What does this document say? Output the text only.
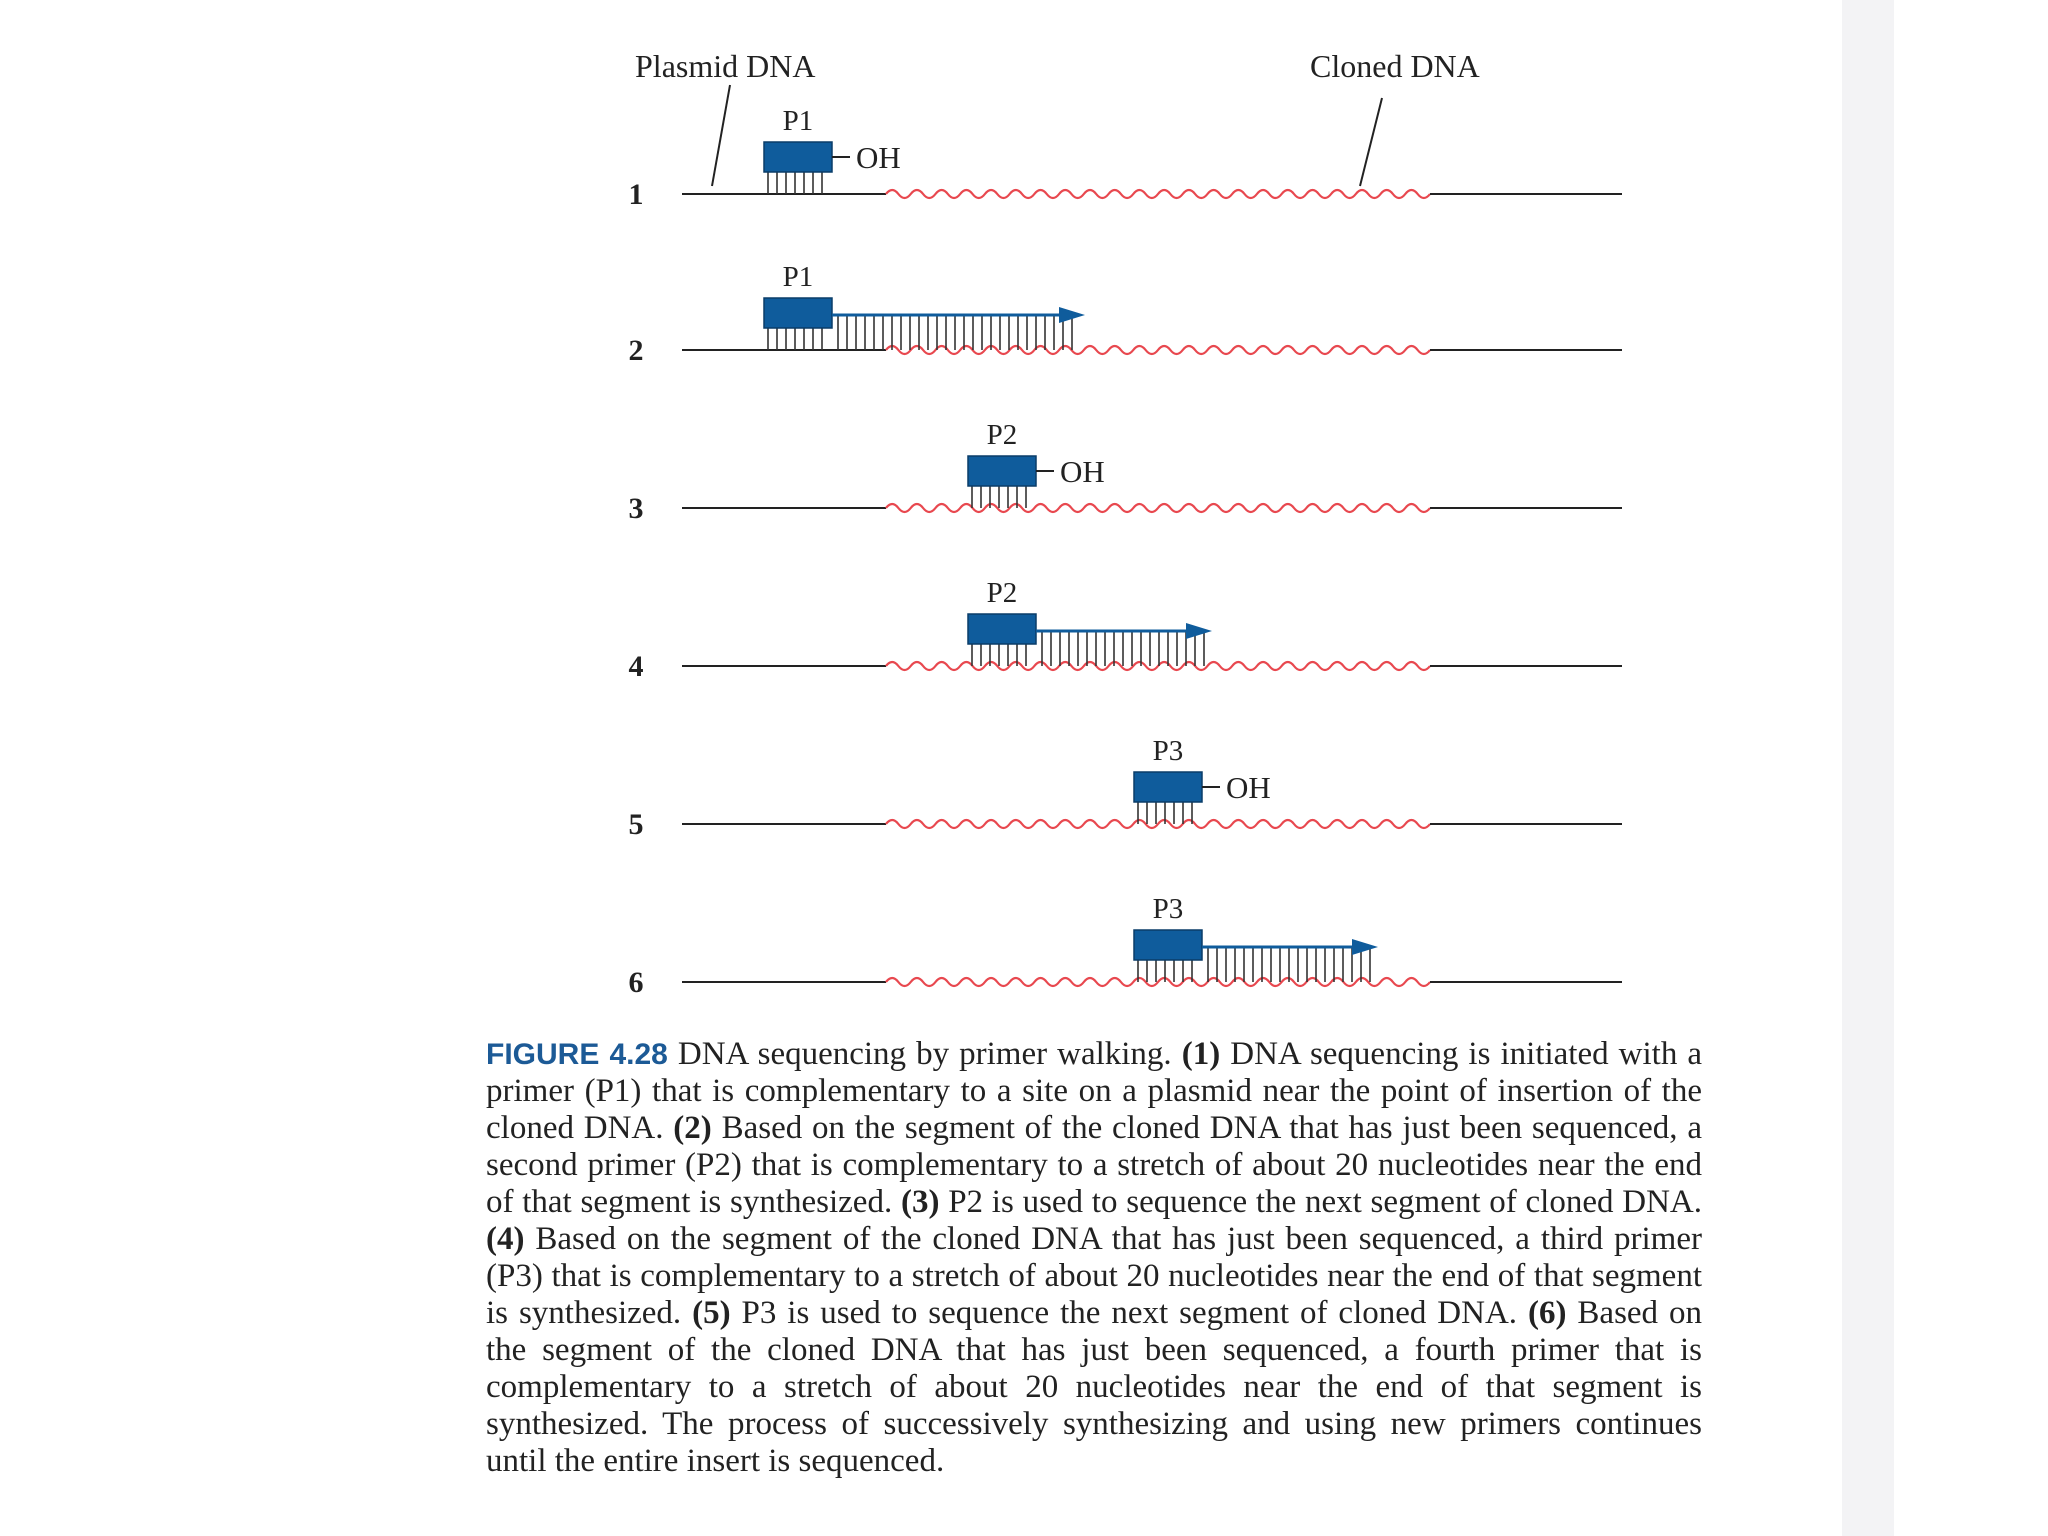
Plasmid DNA	Cloned DNA
1
P1
OH
2
P1
3
P2
OH
4
P2
5
P3
OH
6
P3

FIGURE 4.28 DNA sequencing by primer walking. (1) DNA sequencing is initiated with a primer (P1) that is complementary to a site on a plasmid near the point of insertion of the cloned DNA. (2) Based on the segment of the cloned DNA that has just been sequenced, a second primer (P2) that is complementary to a stretch of about 20 nucleotides near the end of that segment is synthesized. (3) P2 is used to sequence the next segment of cloned DNA. (4) Based on the segment of the cloned DNA that has just been sequenced, a third primer (P3) that is complementary to a stretch of about 20 nucleotides near the end of that segment is synthesized. (5) P3 is used to sequence the next segment of cloned DNA. (6) Based on the segment of the cloned DNA that has just been sequenced, a fourth primer that is complementary to a stretch of about 20 nucleotides near the end of that segment is synthesized. The process of successively synthesizing and using new primers continues until the entire insert is sequenced.
